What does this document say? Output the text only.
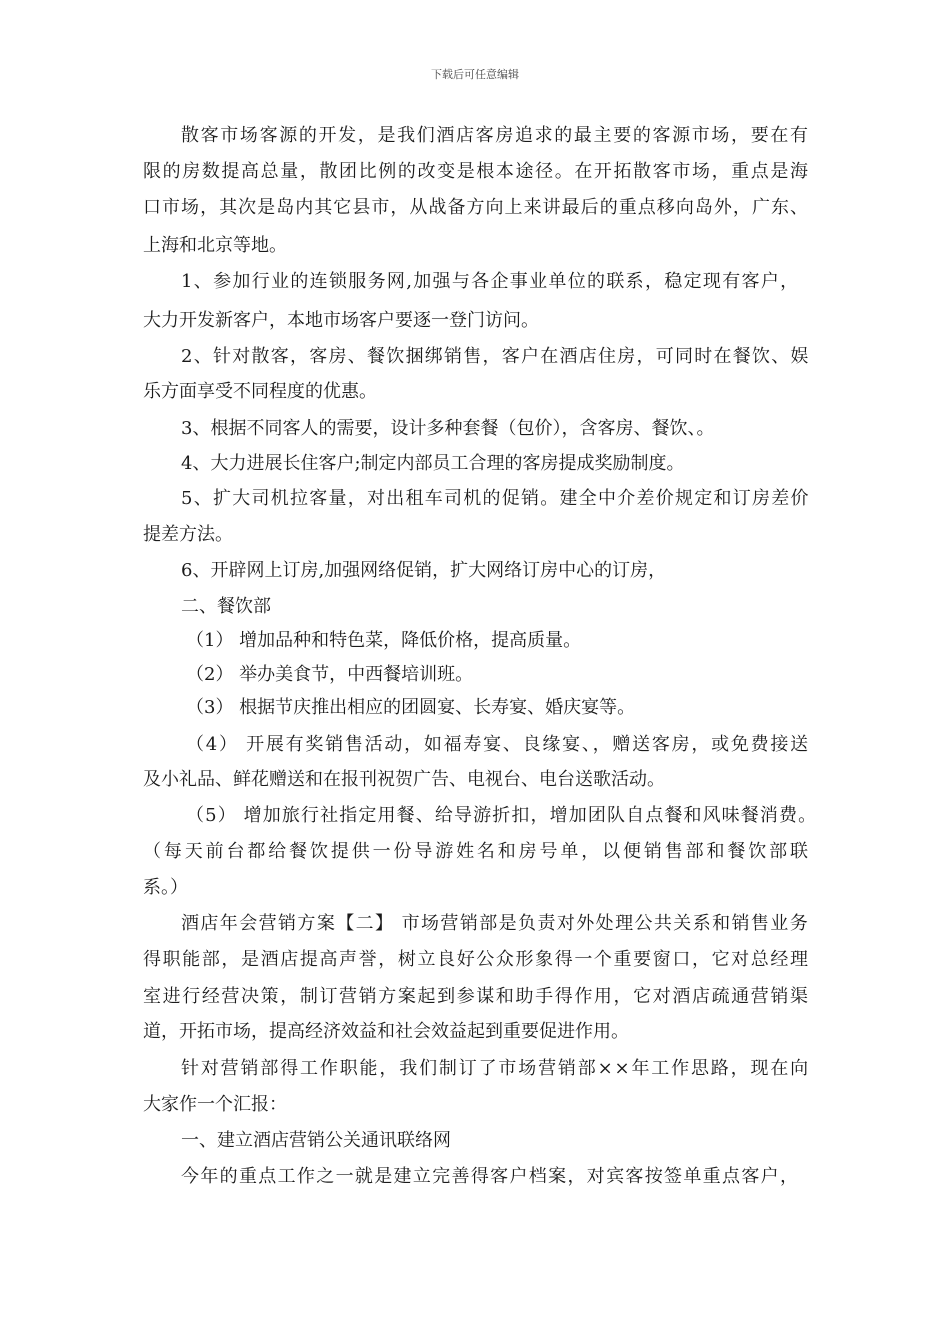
下载后可任意编辑
散客市场客源的开发，是我们酒店客房追求的最主要的客源市场，要在有
限的房数提高总量，散团比例的改变是根本途径。在开拓散客市场，重点是海
口市场，其次是岛内其它县市，从战备方向上来讲最后的重点移向岛外，广东、
上海和北京等地。
1、参加行业的连锁服务网,加强与各企事业单位的联系，稳定现有客户，
大力开发新客户，本地市场客户要逐一登门访问。
2、针对散客，客房、餐饮捆绑销售，客户在酒店住房，可同时在餐饮、娱
乐方面享受不同程度的优惠。
3、根据不同客人的需要，设计多种套餐（包价），含客房、餐饮、。
4、大力进展长住客户;制定内部员工合理的客房提成奖励制度。
5、扩大司机拉客量，对出租车司机的促销。建全中介差价规定和订房差价
提差方法。
6、开辟网上订房,加强网络促销，扩大网络订房中心的订房，
二、餐饮部
（1） 增加品种和特色菜，降低价格，提高质量。
（2） 举办美食节，中西餐培训班。
（3） 根据节庆推出相应的团圆宴、长寿宴、婚庆宴等。
（4） 开展有奖销售活动，如福寿宴、良缘宴、，赠送客房，或免费接送
及小礼品、鲜花赠送和在报刊祝贺广告、电视台、电台送歌活动。
（5） 增加旅行社指定用餐、给导游折扣，增加团队自点餐和风味餐消费。
（每天前台都给餐饮提供一份导游姓名和房号单，以便销售部和餐饮部联
系。）
酒店年会营销方案【二】 市场营销部是负责对外处理公共关系和销售业务
得职能部，是酒店提高声誉，树立良好公众形象得一个重要窗口，它对总经理
室进行经营决策，制订营销方案起到参谋和助手得作用，它对酒店疏通营销渠
道，开拓市场，提高经济效益和社会效益起到重要促进作用。
针对营销部得工作职能，我们制订了市场营销部××年工作思路，现在向
大家作一个汇报：
一、建立酒店营销公关通讯联络网
今年的重点工作之一就是建立完善得客户档案，对宾客按签单重点客户，
